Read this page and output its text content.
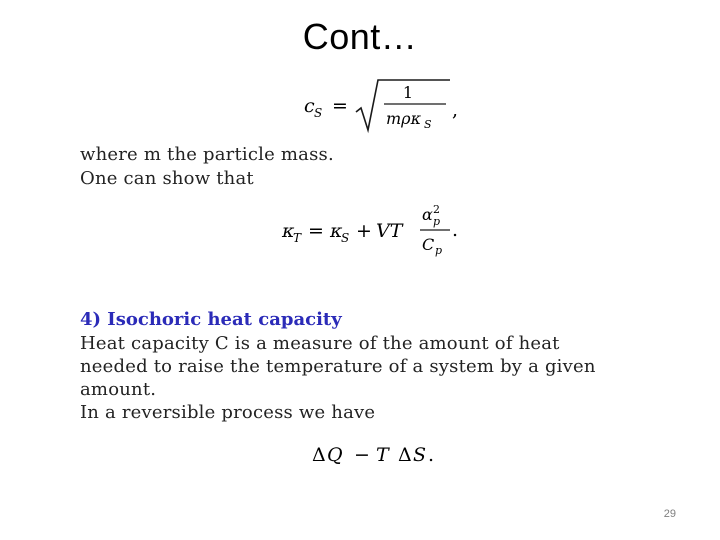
Cont…
c S =
1
mρκ S
,
where m the particle mass.
One can show that
κ
T = κ
S + VT
α 2
p
C p
.
4) Isochoric heat capacity
Heat capacity C is a measure of the amount of heat
needed to raise the temperature of a system by a given
amount.
In a reversible process we have
Δ Q − T Δ S .
29
